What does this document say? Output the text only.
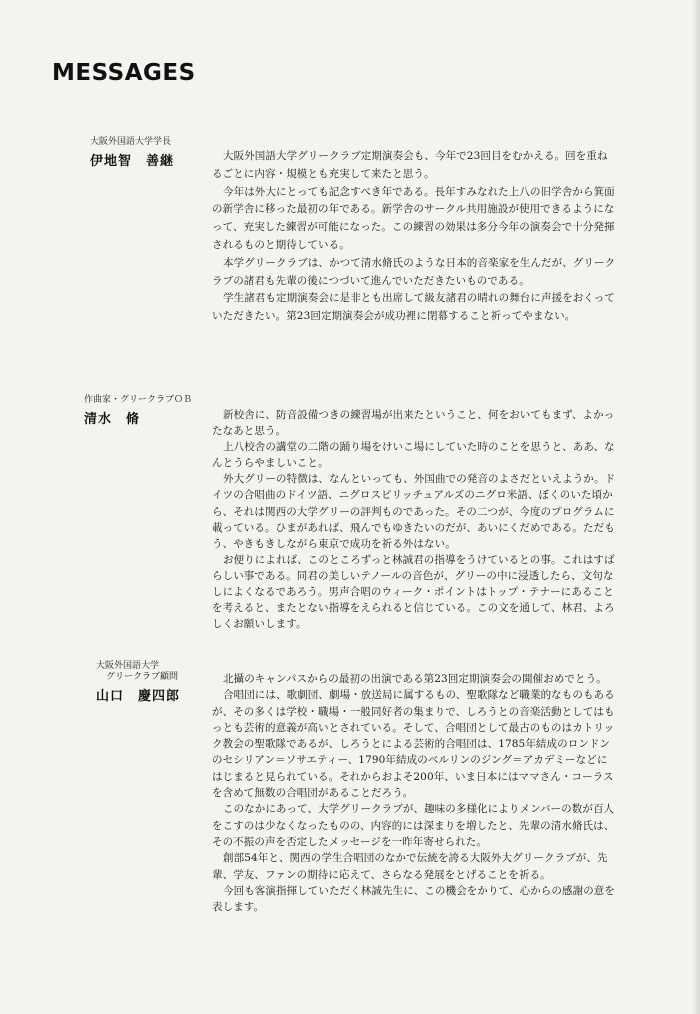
MESSAGES
大阪外国語大学学長
伊地智　善継	大阪外国語大学グリークラブ定期演奏会も、今年で23回目をむかえる。回を重ねるごとに内容・規模とも充実して来たと思う。

今年は外大にとっても記念すべき年である。長年すみなれた上八の旧学舎から箕面の新学舎に移った最初の年である。新学舎のサークル共用施設が使用できるようになって、充実した練習が可能になった。この練習の効果は多分今年の演奏会で十分発揮されるものと期待している。

本学グリークラブは、かつて清水脩氏のような日本的音楽家を生んだが、グリークラブの諸君も先輩の後につづいて進んでいただきたいものである。

学生諸君も定期演奏会に是非とも出席して級友諸君の晴れの舞台に声援をおくっていただきたい。第23回定期演奏会が成功裡に閉幕すること祈ってやまない。

作曲家・グリークラブＯＢ
清水　脩	新校舎に、防音設備つきの練習場が出来たということ、何をおいてもまず、よかったなあと思う。

上八校舎の講堂の二階の踊り場をけいこ場にしていた時のことを思うと、ああ、なんとうらやましいこと。

外大グリーの特徴は、なんといっても、外国曲での発音のよさだといえようか。ドイツの合唱曲のドイツ語、ニグロスピリッチュアルズのニグロ米語、ぼくのいた頃から、それは関西の大学グリーの評判ものであった。その二つが、今度のプログラムに載っている。ひまがあれば、飛んでもゆきたいのだが、あいにくだめである。ただもう、やきもきしながら東京で成功を祈る外はない。

お便りによれば、このところずっと林誠君の指導をうけているとの事。これはすばらしい事である。同君の美しいテノールの音色が、グリーの中に浸透したら、文句なしによくなるであろう。男声合唱のウィーク・ポイントはトップ・テナーにあることを考えると、またとない指導をえられると信じている。この文を通して、林君、よろしくお願いします。

大阪外国語大学
グリークラブ顧問
山口　慶四郎

北攝のキャンパスからの最初の出演である第23回定期演奏会の開催おめでとう。

合唱団には、歌劇団、劇場・放送局に属するもの、聖歌隊など職業的なものもあるが、その多くは学校・職場・一般同好者の集まりで、しろうとの音楽活動としてはもっとも芸術的意義が高いとされている。そして、合唱団として最古のものはカトリック教会の聖歌隊であるが、しろうとによる芸術的合唱団は、1785年結成のロンドンのセシリアン＝ソサエティー、1790年結成のベルリンのジング＝アカデミーなどにはじまると見られている。それからおよそ200年、いま日本にはママさん・コーラスを含めて無数の合唱団があることだろう。

このなかにあって、大学グリークラブが、趣味の多様化によりメンバーの数が百人をこすのは少なくなったものの、内容的には深まりを増したと、先輩の清水脩氏は、その不振の声を否定したメッセージを一昨年寄せられた。

創部54年と、関西の学生合唱団のなかで伝統を誇る大阪外大グリークラブが、先輩、学友、ファンの期待に応えて、さらなる発展をとげることを祈る。

今回も客演指揮していただく林誠先生に、この機会をかりて、心からの感謝の意を表します。
